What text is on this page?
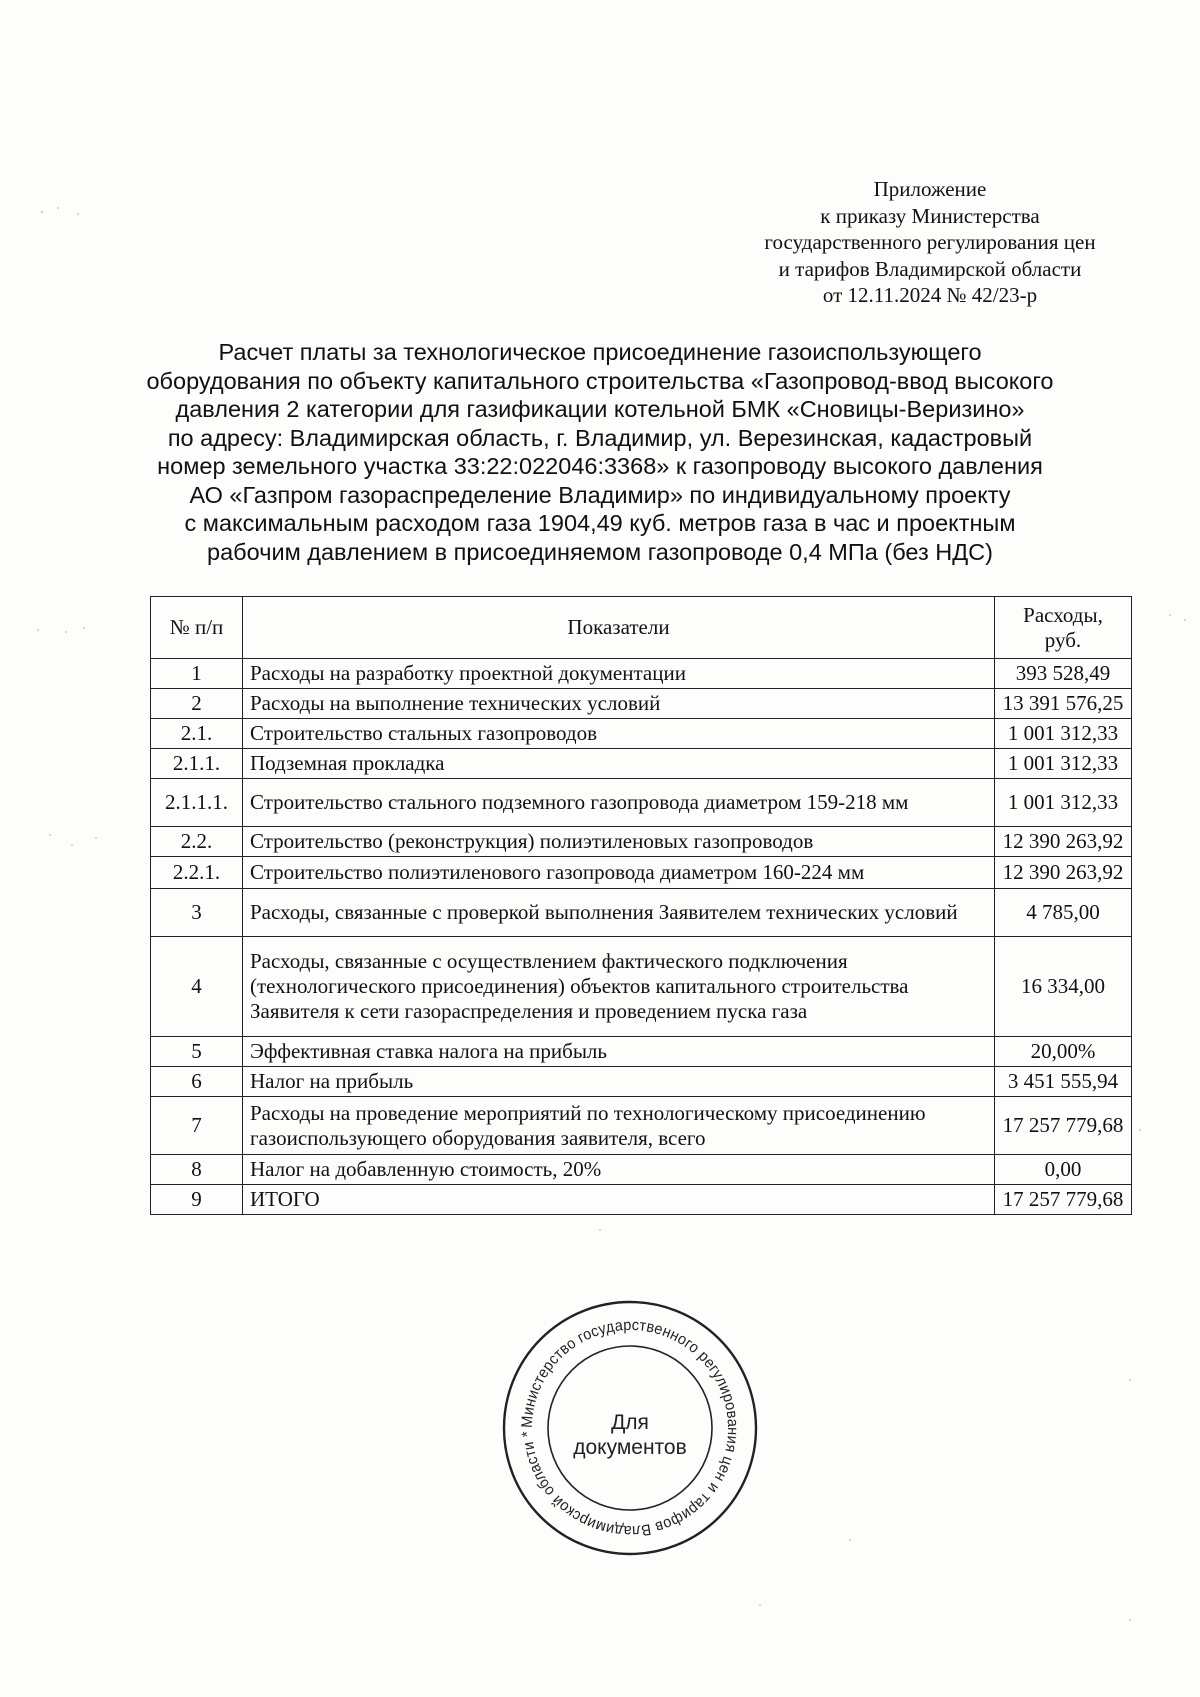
Приложение
к приказу Министерства
государственного регулирования цен
и тарифов Владимирской области
от 12.11.2024 № 42/23-р
Расчет платы за технологическое присоединение газоиспользующего
оборудования по объекту капитального строительства «Газопровод-ввод высокого
давления 2 категории для газификации котельной БМК «Сновицы-Веризино»
по адресу: Владимирская область, г. Владимир, ул. Верезинская, кадастровый
номер земельного участка 33:22:022046:3368» к газопроводу высокого давления
АО «Газпром газораспределение Владимир» по индивидуальному проекту
с максимальным расходом газа 1904,49 куб. метров газа в час и проектным
рабочим давлением в присоединяемом газопроводе 0,4 МПа (без НДС)
№ п/п	Показатели	Расходы,
руб.
1	Расходы на разработку проектной документации	393 528,49
2	Расходы на выполнение технических условий	13 391 576,25
2.1.	Строительство стальных газопроводов	1 001 312,33
2.1.1.	Подземная прокладка	1 001 312,33
2.1.1.1.	Строительство стального подземного газопровода диаметром 159-218 мм	1 001 312,33
2.2.	Строительство (реконструкция) полиэтиленовых газопроводов	12 390 263,92
2.2.1.	Строительство полиэтиленового газопровода диаметром 160-224 мм	12 390 263,92
3	Расходы, связанные с проверкой выполнения Заявителем технических условий	4 785,00
4	Расходы, связанные с осуществлением фактического подключения (технологического присоединения) объектов капитального строительства Заявителя к сети газораспределения и проведением пуска газа	16 334,00
5	Эффективная ставка налога на прибыль	20,00%
6	Налог на прибыль	3 451 555,94
7	Расходы на проведение мероприятий по технологическому присоединению газоиспользующего оборудования заявителя, всего	17 257 779,68
8	Налог на добавленную стоимость, 20%	0,00
9	ИТОГО	17 257 779,68
Министерство государственного регулирования цен и тарифов Владимирской области *	Для
документов
